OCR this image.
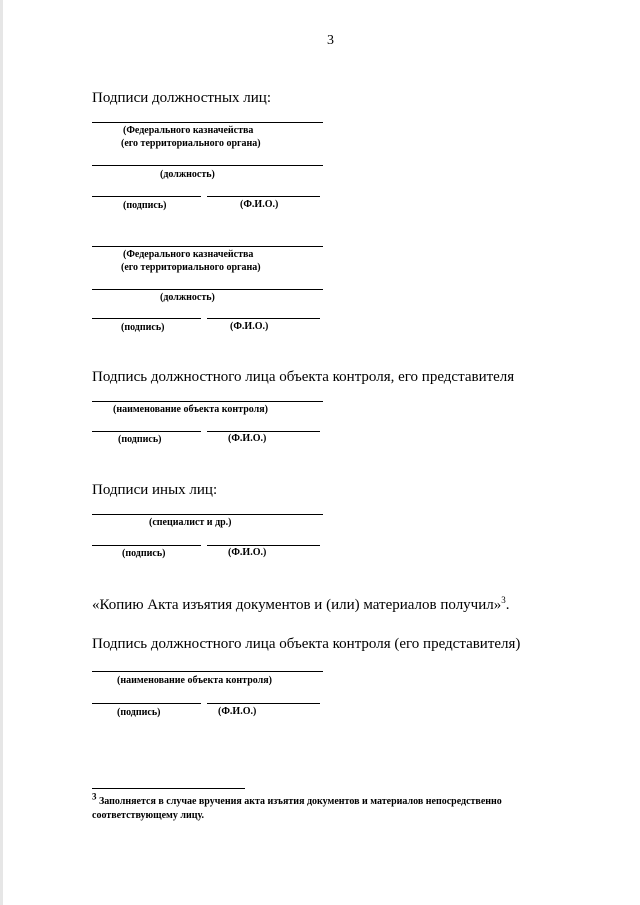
3
Подписи должностных лиц:
(Федерального казначейства
(его территориального органа)
(должность)
(подпись)	(Ф.И.О.)
(Федерального казначейства
(его территориального органа)
(должность)
(подпись)	(Ф.И.О.)
Подпись должностного лица объекта контроля, его представителя
(наименование объекта контроля)
(подпись)	(Ф.И.О.)
Подписи иных лиц:
(специалист и др.)
(подпись)	(Ф.И.О.)
«Копию Акта изъятия документов и (или) материалов получил»$^3$.
Подпись должностного лица объекта контроля (его представителя)
(наименование объекта контроля)
(подпись)	(Ф.И.О.)
$^3$ Заполняется в случае вручения акта изъятия документов и материалов непосредственно
соответствующему лицу.
